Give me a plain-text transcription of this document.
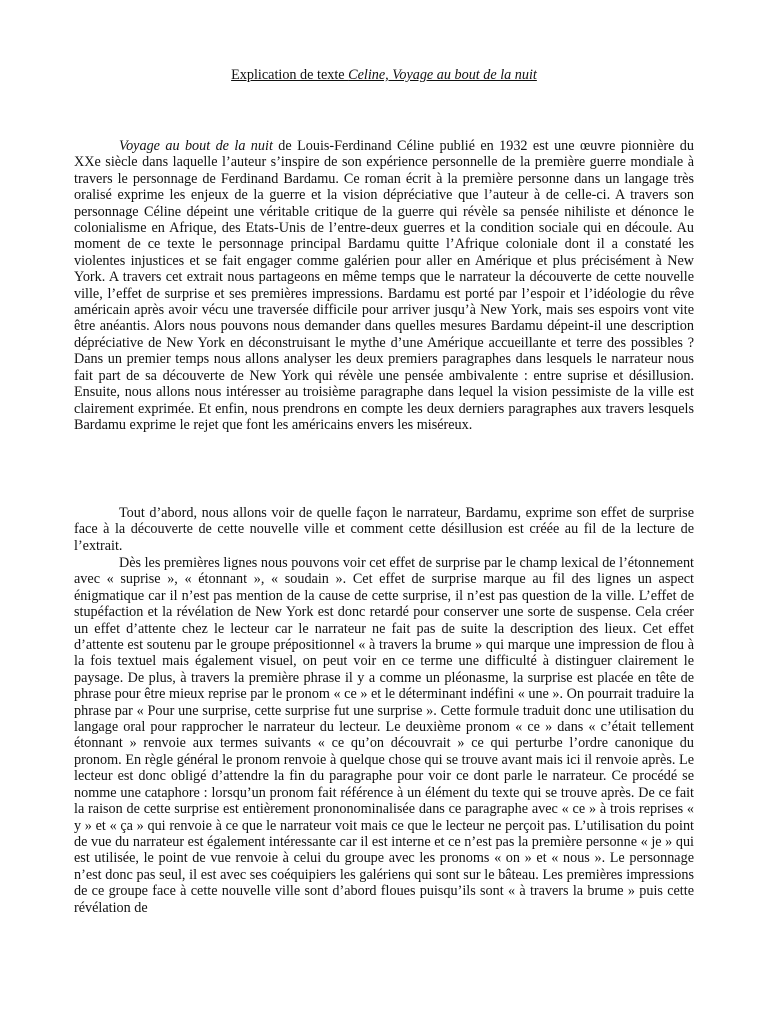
Explication de texte Celine, Voyage au bout de la nuit

Voyage au bout de la nuit de Louis-Ferdinand Céline publié en 1932 est une œuvre pionnière du XXe siècle dans laquelle l’auteur s’inspire de son expérience personnelle de la première guerre mondiale à travers le personnage de Ferdinand Bardamu. Ce roman écrit à la première personne dans un langage très oralisé exprime les enjeux de la guerre et la vision dépréciative que l’auteur à de celle-ci. A travers son personnage Céline dépeint une véritable critique de la guerre qui révèle sa pensée nihiliste et dénonce le colonialisme en Afrique, des Etats-Unis de l’entre-deux guerres et la condition sociale qui en découle. Au moment de ce texte le personnage principal Bardamu quitte l’Afrique coloniale dont il a constaté les violentes injustices et se fait engager comme galérien pour aller en Amérique et plus précisément à New York. A travers cet extrait nous partageons en même temps que le narrateur la découverte de cette nouvelle ville, l’effet de surprise et ses premières impressions. Bardamu est porté par l’espoir et l’idéologie du rêve américain après avoir vécu une traversée difficile pour arriver jusqu’à New York, mais ses espoirs vont vite être anéantis. Alors nous pouvons nous demander dans quelles mesures Bardamu dépeint-il une description dépréciative de New York en déconstruisant le mythe d’une Amérique accueillante et terre des possibles ? Dans un premier temps nous allons analyser les deux premiers paragraphes dans lesquels le narrateur nous fait part de sa découverte de New York qui révèle une pensée ambivalente : entre suprise et désillusion. Ensuite, nous allons nous intéresser au troisième paragraphe dans lequel la vision pessimiste de la ville est clairement exprimée. Et enfin, nous prendrons en compte les deux derniers paragraphes aux travers lesquels Bardamu exprime le rejet que font les américains envers les miséreux.

Tout d’abord, nous allons voir de quelle façon le narrateur, Bardamu, exprime son effet de surprise face à la découverte de cette nouvelle ville et comment cette désillusion est créée au fil de la lecture de l’extrait.

Dès les premières lignes nous pouvons voir cet effet de surprise par le champ lexical de l’étonnement avec « suprise », « étonnant », « soudain ». Cet effet de surprise marque au fil des lignes un aspect énigmatique car il n’est pas mention de la cause de cette surprise, il n’est pas question de la ville. L’effet de stupéfaction et la révélation de New York est donc retardé pour conserver une sorte de suspense. Cela créer un effet d’attente chez le lecteur car le narrateur ne fait pas de suite la description des lieux. Cet effet d’attente est soutenu par le groupe prépositionnel « à travers la brume » qui marque une impression de flou à la fois textuel mais également visuel, on peut voir en ce terme une difficulté à distinguer clairement le paysage. De plus, à travers la première phrase il y a comme un pléonasme, la surprise est placée en tête de phrase pour être mieux reprise par le pronom « ce » et le déterminant indéfini « une ». On pourrait traduire la phrase par « Pour une surprise, cette surprise fut une surprise ». Cette formule traduit donc une utilisation du langage oral pour rapprocher le narrateur du lecteur. Le deuxième pronom « ce » dans « c’était tellement étonnant » renvoie aux termes suivants « ce qu’on découvrait » ce qui perturbe l’ordre canonique du pronom. En règle général le pronom renvoie à quelque chose qui se trouve avant mais ici il renvoie après. Le lecteur est donc obligé d’attendre la fin du paragraphe pour voir ce dont parle le narrateur. Ce procédé se nomme une cataphore : lorsqu’un pronom fait référence à un élément du texte qui se trouve après. De ce fait la raison de cette surprise est entièrement prononominalisée dans ce paragraphe avec « ce » à trois reprises « y » et « ça » qui renvoie à ce que le narrateur voit mais ce que le lecteur ne perçoit pas. L’utilisation du point de vue du narrateur est également intéressante car il est interne et ce n’est pas la première personne « je » qui est utilisée, le point de vue renvoie à celui du groupe avec les pronoms « on » et « nous ». Le personnage n’est donc pas seul, il est avec ses coéquipiers les galériens qui sont sur le bâteau. Les premières impressions de ce groupe face à cette nouvelle ville sont d’abord floues puisqu’ils sont « à travers la brume » puis cette révélation de
